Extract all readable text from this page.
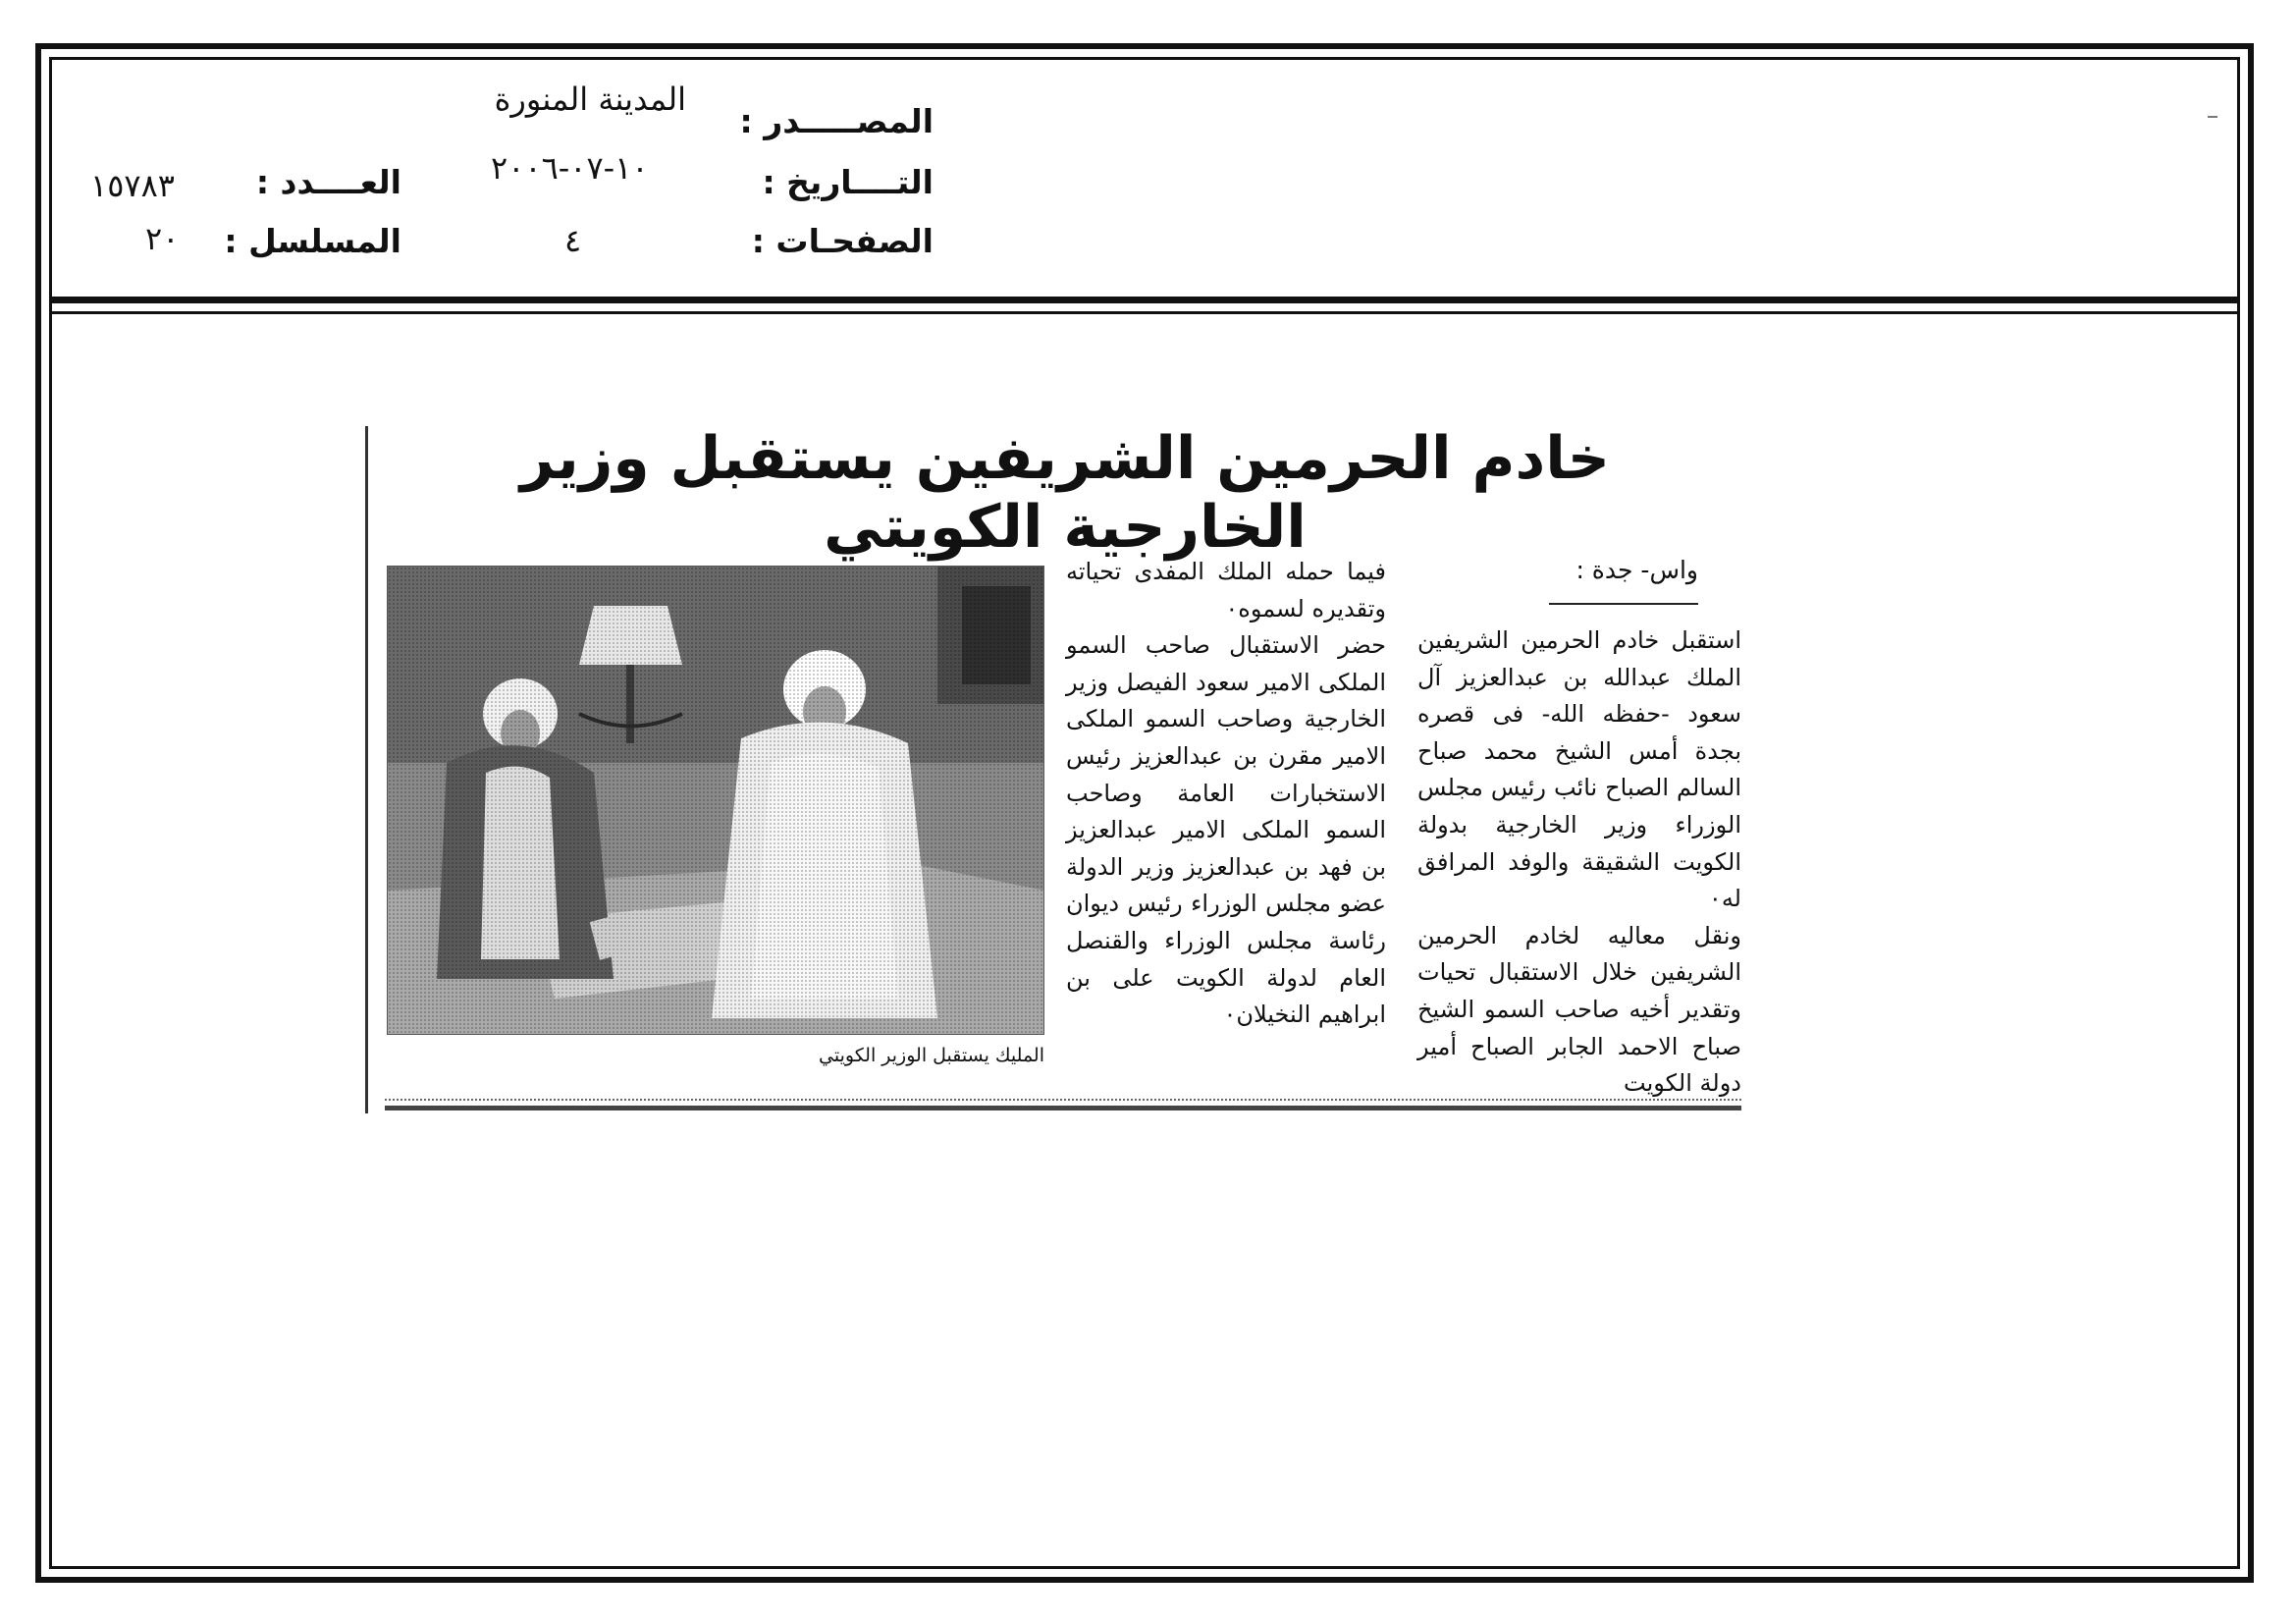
المصـــــدر :
المدينة المنورة
التــــاريخ :
١٠-٠٧-٢٠٠٦
الصفحـات :
٤
العــــدد :
١٥٧٨٣
المسلسل :
٢٠
خادم الحرمين الشريفين يستقبل وزير الخارجية الكويتي
واس- جدة :

استقبل خادم الحرمين الشريفين الملك عبدالله بن عبدالعزيز آل سعود -حفظه الله- فى قصره بجدة أمس الشيخ محمد صباح السالم الصباح نائب رئيس مجلس الوزراء وزير الخارجية بدولة الكويت الشقيقة والوفد المرافق له٠

ونقل معاليه لخادم الحرمين الشريفين خلال الاستقبال تحيات وتقدير أخيه صاحب السمو الشيخ صباح الاحمد الجابر الصباح أمير دولة الكويت

فيما حمله الملك المفدى تحياته وتقديره لسموه٠

حضر الاستقبال صاحب السمو الملكى الامير سعود الفيصل وزير الخارجية وصاحب السمو الملكى الامير مقرن بن عبدالعزيز رئيس الاستخبارات العامة وصاحب السمو الملكى الامير عبدالعزيز بن فهد بن عبدالعزيز وزير الدولة عضو مجلس الوزراء رئيس ديوان رئاسة مجلس الوزراء والقنصل العام لدولة الكويت على بن ابراهيم النخيلان٠

المليك يستقبل الوزير الكويتي
